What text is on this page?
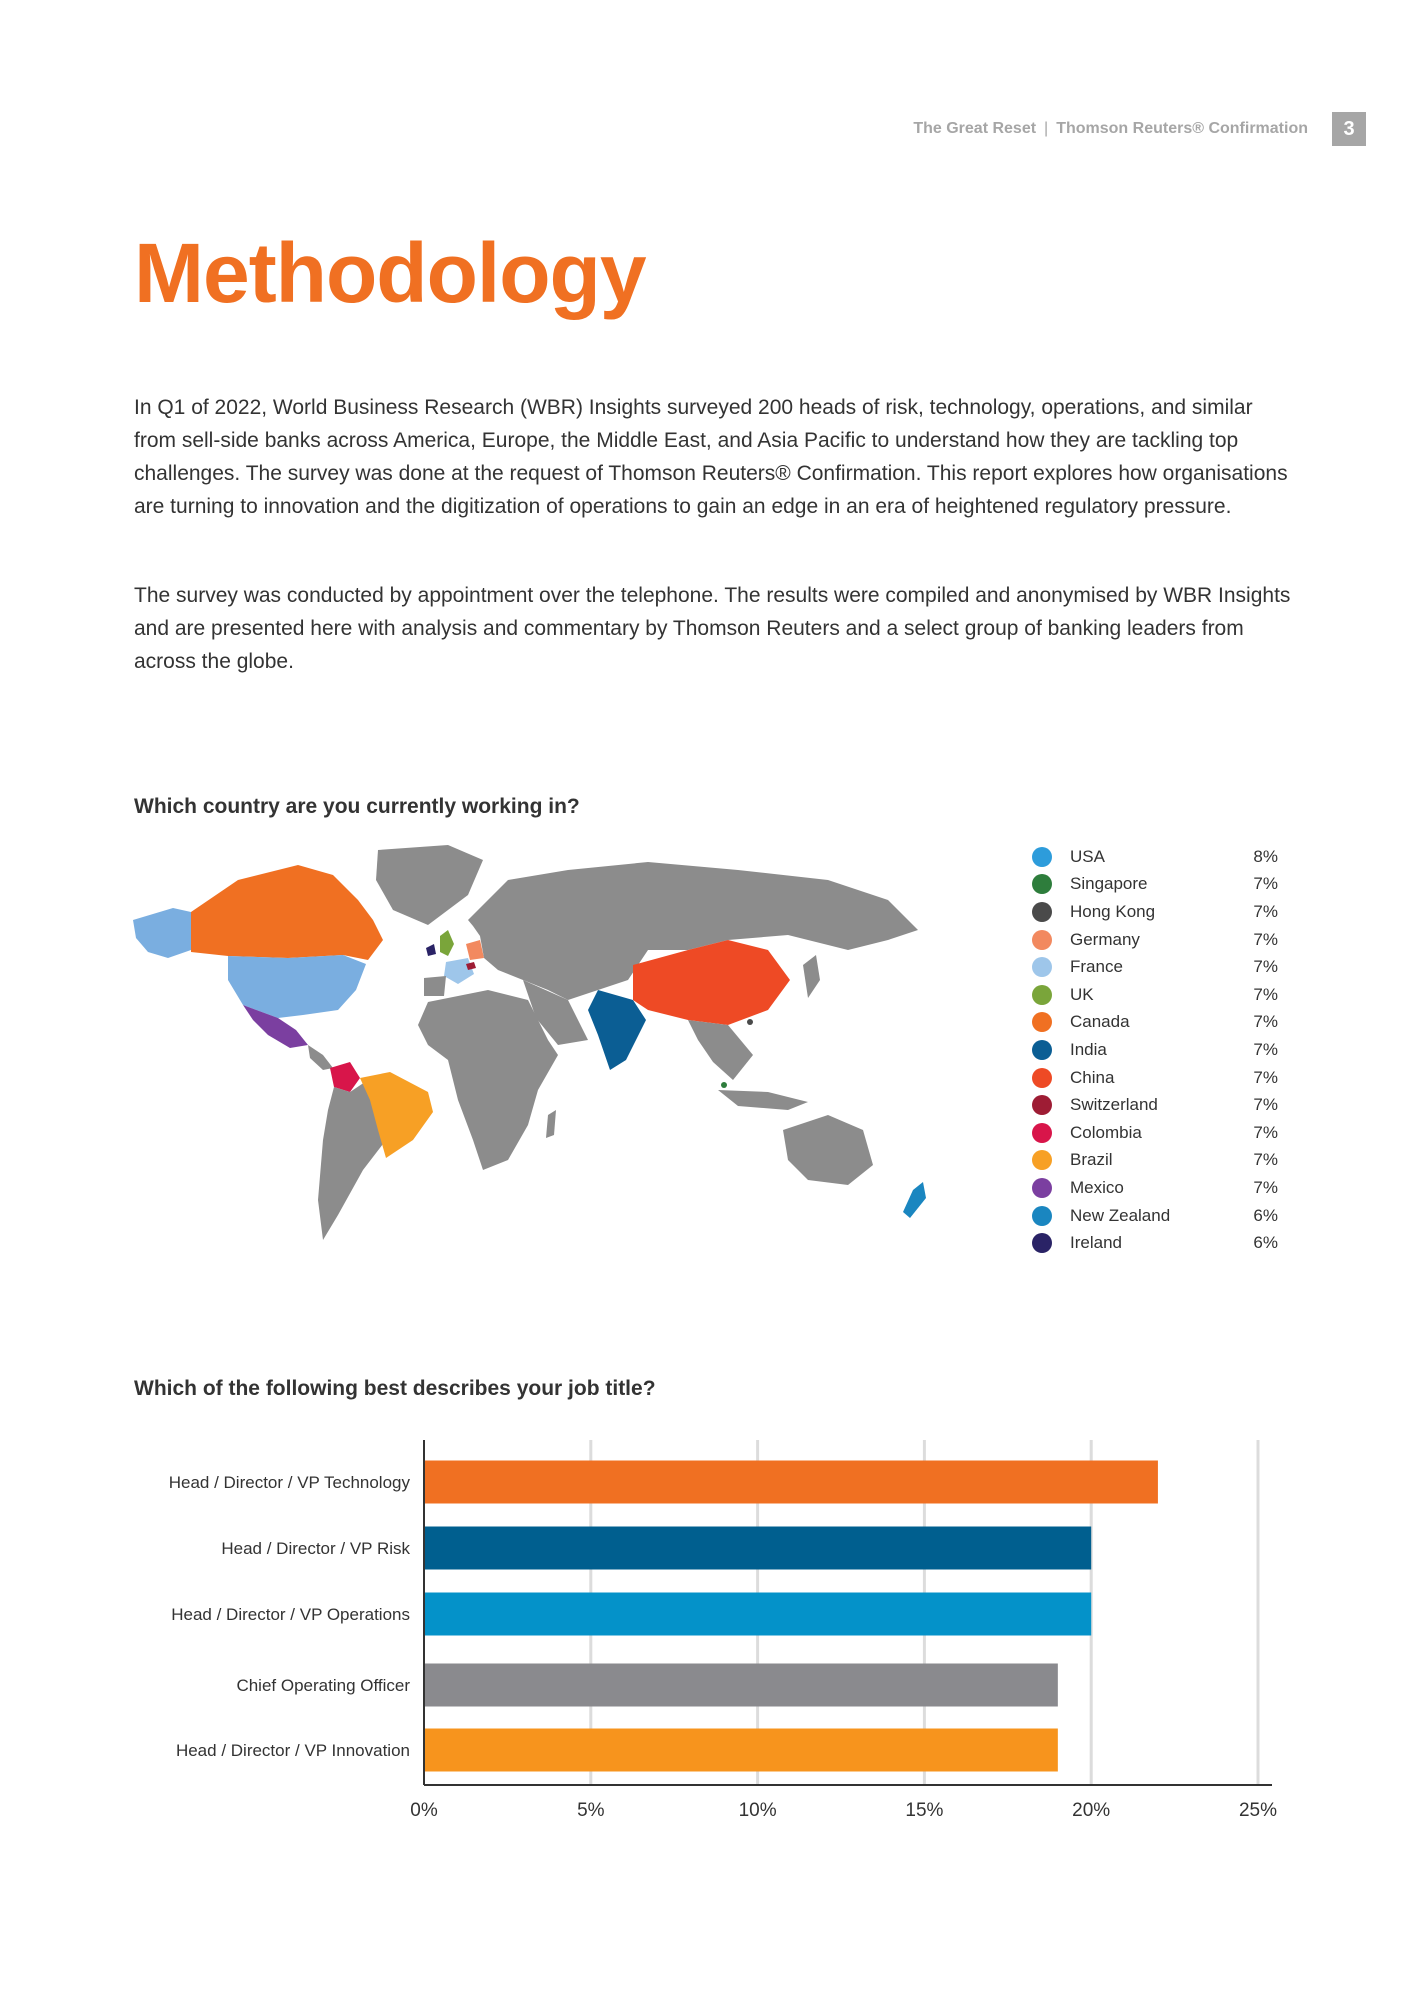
The Great Reset | Thomson Reuters® Confirmation	3
Methodology

In Q1 of 2022, World Business Research (WBR) Insights surveyed 200 heads of risk, technology, operations, and similar from sell-side banks across America, Europe, the Middle East, and Asia Pacific to understand how they are tackling top challenges. The survey was done at the request of Thomson Reuters® Confirmation. This report explores how organisations are turning to innovation and the digitization of operations to gain an edge in an era of heightened regulatory pressure.

The survey was conducted by appointment over the telephone. The results were compiled and anonymised by WBR Insights and are presented here with analysis and commentary by Thomson Reuters and a select group of banking leaders from across the globe.

Which country are you currently working in?
USA	8%
Singapore	7%
Hong Kong	7%
Germany	7%
France	7%
UK	7%
Canada	7%
India	7%
China	7%
Switzerland	7%
Colombia	7%
Brazil	7%
Mexico	7%
New Zealand	6%
Ireland	6%
Which of the following best describes your job title?
Head / Director / VP Technology
Head / Director / VP Risk
Head / Director / VP Operations
Chief Operating Officer
Head / Director / VP Innovation
0%	5%	10%	15%	20%	25%
